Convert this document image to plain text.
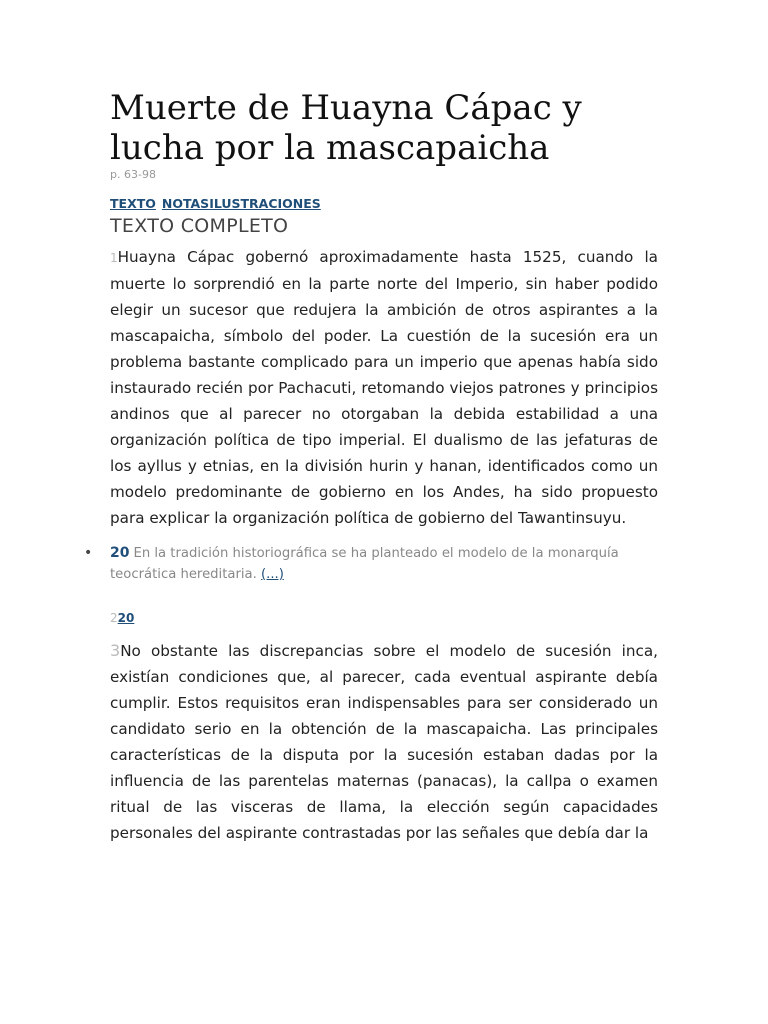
Muerte de Huayna Cápac y lucha por la mascapaicha
p. 63-98
TEXTO NOTASILUSTRACIONES
TEXTO COMPLETO

1Huayna Cápac gobernó aproximadamente hasta 1525, cuando la muerte lo sorprendió en la parte norte del Imperio, sin haber podido elegir un sucesor que redujera la ambición de otros aspirantes a la mascapaicha, símbolo del poder. La cuestión de la sucesión era un problema bastante complicado para un imperio que apenas había sido instaurado recién por Pachacuti, retomando viejos patrones y principios andinos que al parecer no otorgaban la debida estabilidad a una organización política de tipo imperial. El dualismo de las jefaturas de los ayllus y etnias, en la división hurin y hanan, identificados como un modelo predominante de gobierno en los Andes, ha sido propuesto para explicar la organización política de gobierno del Tawantinsuyu.

• 20 En la tradición historiográfica se ha planteado el modelo de la monarquía teocrática hereditaria. (...)
220

3No obstante las discrepancias sobre el modelo de sucesión inca, existían condiciones que, al parecer, cada eventual aspirante debía cumplir. Estos requisitos eran indispensables para ser considerado un candidato serio en la obtención de la mascapaicha. Las principales características de la disputa por la sucesión estaban dadas por la influencia de las parentelas maternas (panacas), la callpa o examen ritual de las visceras de llama, la elección según capacidades personales del aspirante contrastadas por las señales que debía dar la
